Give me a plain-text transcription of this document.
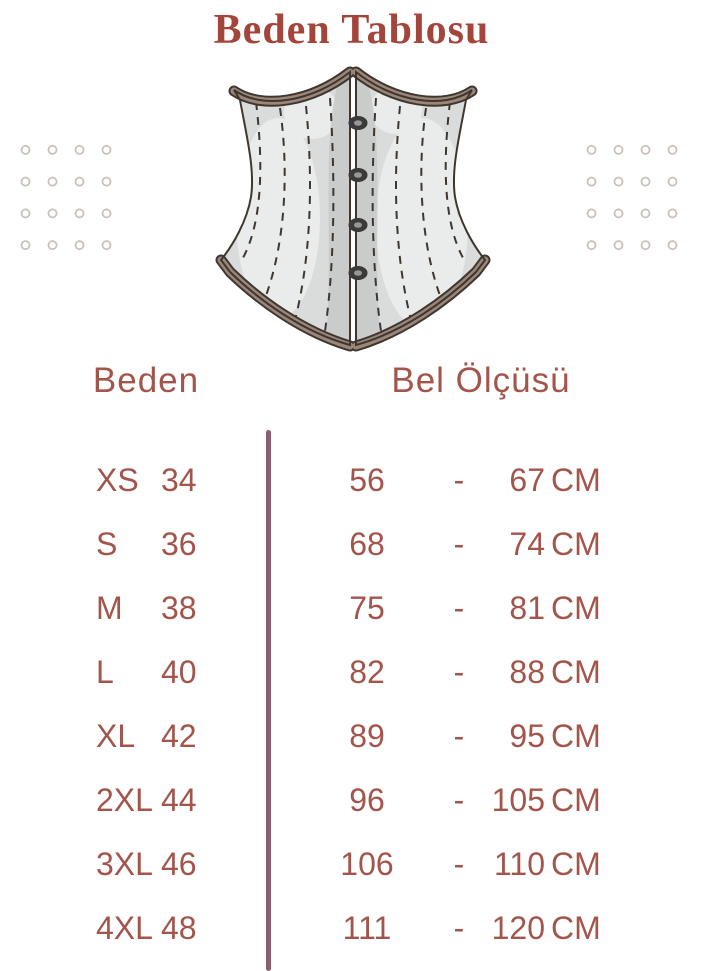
Beden Tablosu
Beden	Bel Ölçüsü
XS 34	56	-	67 CM
S 36	68	-	74 CM
M 38	75	-	81 CM
L 40	82	-	88 CM
XL 42	89	-	95 CM
2XL 44	96	- 105 CM
3XL 46	106	- 110 CM
4XL 48	111	- 120 CM
